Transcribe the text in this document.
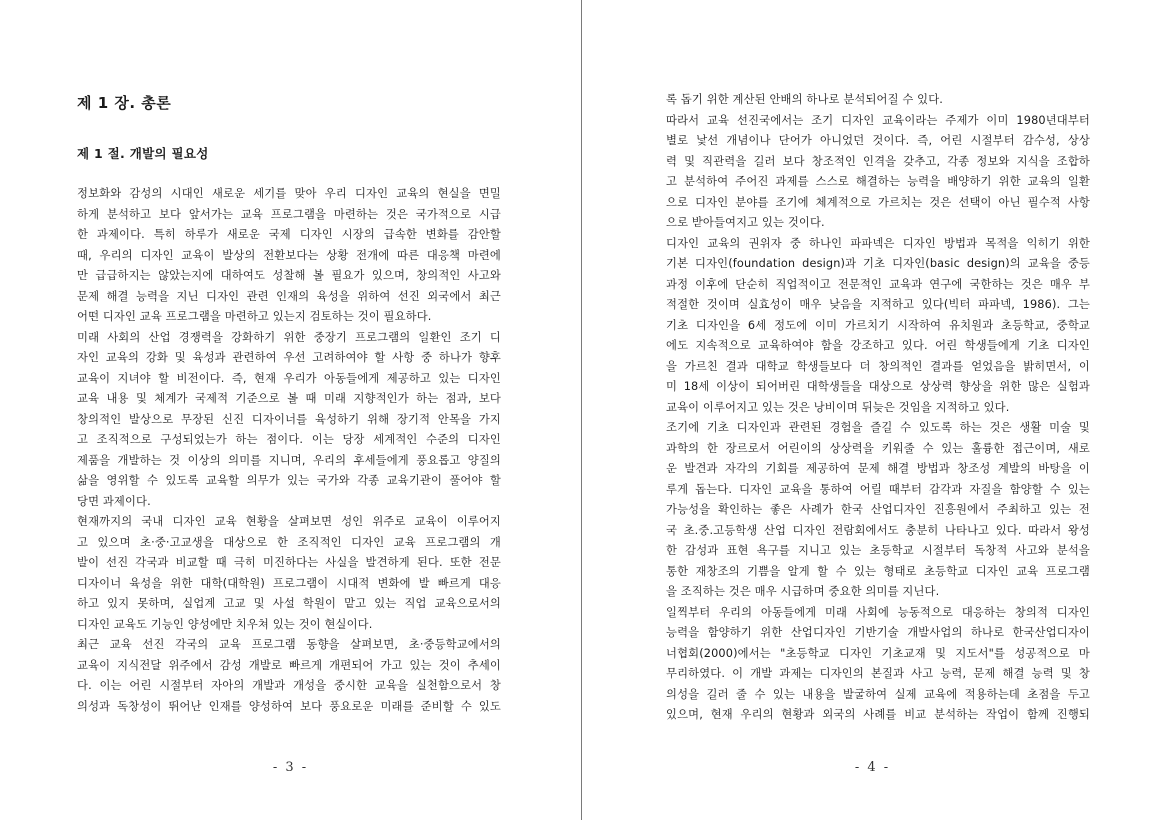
제 1 장. 총론
제 1 절. 개발의 필요성
정보화와 감성의 시대인 새로운 세기를 맞아 우리 디자인 교육의 현실을 면밀
하게 분석하고 보다 앞서가는 교육 프로그램을 마련하는 것은 국가적으로 시급
한 과제이다. 특히 하루가 새로운 국제 디자인 시장의 급속한 변화를 감안할
때, 우리의 디자인 교육이 발상의 전환보다는 상황 전개에 따른 대응책 마련에
만 급급하지는 않았는지에 대하여도 성찰해 볼 필요가 있으며, 창의적인 사고와
문제 해결 능력을 지닌 디자인 관련 인재의 육성을 위하여 선진 외국에서 최근
어떤 디자인 교육 프로그램을 마련하고 있는지 검토하는 것이 필요하다.
미래 사회의 산업 경쟁력을 강화하기 위한 중장기 프로그램의 일환인 조기 디
자인 교육의 강화 및 육성과 관련하여 우선 고려하여야 할 사항 중 하나가 향후
교육이 지녀야 할 비전이다. 즉, 현재 우리가 아동들에게 제공하고 있는 디자인
교육 내용 및 체계가 국제적 기준으로 볼 때 미래 지향적인가 하는 점과, 보다
창의적인 발상으로 무장된 신진 디자이너를 육성하기 위해 장기적 안목을 가지
고 조직적으로 구성되었는가 하는 점이다. 이는 당장 세계적인 수준의 디자인
제품을 개발하는 것 이상의 의미를 지니며, 우리의 후세들에게 풍요롭고 양질의
삶을 영위할 수 있도록 교육할 의무가 있는 국가와 각종 교육기관이 풀어야 할
당면 과제이다.
현재까지의 국내 디자인 교육 현황을 살펴보면 성인 위주로 교육이 이루어지
고 있으며 초·중·고교생을 대상으로 한 조직적인 디자인 교육 프로그램의 개
발이 선진 각국과 비교할 때 극히 미진하다는 사실을 발견하게 된다. 또한 전문
디자이너 육성을 위한 대학(대학원) 프로그램이 시대적 변화에 발 빠르게 대응
하고 있지 못하며, 실업계 고교 및 사설 학원이 맡고 있는 직업 교육으로서의
디자인 교육도 기능인 양성에만 치우쳐 있는 것이 현실이다.
최근 교육 선진 각국의 교육 프로그램 동향을 살펴보면, 초·중등학교에서의
교육이 지식전달 위주에서 감성 개발로 빠르게 개편되어 가고 있는 것이 추세이
다. 이는 어린 시절부터 자아의 개발과 개성을 중시한 교육을 실천함으로서 창
의성과 독창성이 뛰어난 인재를 양성하여 보다 풍요로운 미래를 준비할 수 있도
- 3 -
록 돕기 위한 계산된 안배의 하나로 분석되어질 수 있다.
따라서 교육 선진국에서는 조기 디자인 교육이라는 주제가 이미 1980년대부터
별로 낯선 개념이나 단어가 아니었던 것이다. 즉, 어린 시절부터 감수성, 상상
력 및 직관력을 길러 보다 창조적인 인격을 갖추고, 각종 정보와 지식을 조합하
고 분석하여 주어진 과제를 스스로 해결하는 능력을 배양하기 위한 교육의 일환
으로 디자인 분야를 조기에 체계적으로 가르치는 것은 선택이 아닌 필수적 사항
으로 받아들여지고 있는 것이다.
디자인 교육의 권위자 중 하나인 파파넥은 디자인 방법과 목적을 익히기 위한
기본 디자인(foundation design)과 기초 디자인(basic design)의 교육을 중등
과정 이후에 단순히 직업적이고 전문적인 교육과 연구에 국한하는 것은 매우 부
적절한 것이며 실효성이 매우 낮음을 지적하고 있다(빅터 파파넥, 1986). 그는
기초 디자인을 6세 정도에 이미 가르치기 시작하여 유치원과 초등학교, 중학교
에도 지속적으로 교육하여야 함을 강조하고 있다. 어린 학생들에게 기초 디자인
을 가르친 결과 대학교 학생들보다 더 창의적인 결과를 얻었음을 밝히면서, 이
미 18세 이상이 되어버린 대학생들을 대상으로 상상력 향상을 위한 많은 실험과
교육이 이루어지고 있는 것은 낭비이며 뒤늦은 것임을 지적하고 있다.
조기에 기초 디자인과 관련된 경험을 즐길 수 있도록 하는 것은 생활 미술 및
과학의 한 장르로서 어린이의 상상력을 키워줄 수 있는 훌륭한 접근이며, 새로
운 발견과 자각의 기회를 제공하여 문제 해결 방법과 창조성 계발의 바탕을 이
루게 돕는다. 디자인 교육을 통하여 어릴 때부터 감각과 자질을 함양할 수 있는
가능성을 확인하는 좋은 사례가 한국 산업디자인 진흥원에서 주최하고 있는 전
국 초.중.고등학생 산업 디자인 전람회에서도 충분히 나타나고 있다. 따라서 왕성
한 감성과 표현 욕구를 지니고 있는 초등학교 시절부터 독창적 사고와 분석을
통한 재창조의 기쁨을 알게 할 수 있는 형태로 초등학교 디자인 교육 프로그램
을 조직하는 것은 매우 시급하며 중요한 의미를 지닌다.
일찍부터 우리의 아동들에게 미래 사회에 능동적으로 대응하는 창의적 디자인
능력을 함양하기 위한 산업디자인 기반기술 개발사업의 하나로 한국산업디자이
너협회(2000)에서는 "초등학교 디자인 기초교재 및 지도서"를 성공적으로 마
무리하였다. 이 개발 과제는 디자인의 본질과 사고 능력, 문제 해결 능력 및 창
의성을 길러 줄 수 있는 내용을 발굴하여 실제 교육에 적용하는데 초점을 두고
있으며, 현재 우리의 현황과 외국의 사례를 비교 분석하는 작업이 함께 진행되
- 4 -
